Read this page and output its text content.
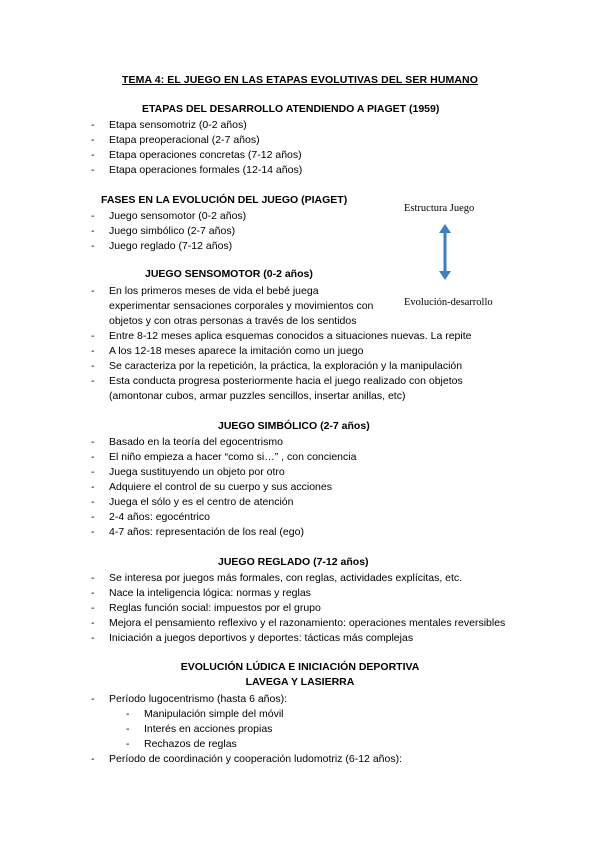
TEMA 4: EL JUEGO EN LAS ETAPAS EVOLUTIVAS DEL SER HUMANO
ETAPAS DEL DESARROLLO ATENDIENDO A PIAGET (1959)
- Etapa sensomotriz (0-2 años)
- Etapa preoperacional (2-7 años)
- Etapa operaciones concretas (7-12 años)
- Etapa operaciones formales (12-14 años)
FASES EN LA EVOLUCIÓN DEL JUEGO (PIAGET)
- Juego sensomotor (0-2 años)
- Juego simbólico (2-7 años)
- Juego reglado (7-12 años)
Estructura Juego
Evolución-desarrollo
JUEGO SENSOMOTOR (0-2 años)
- En los primeros meses de vida el bebé juega
experimentar sensaciones corporales y movimientos con
objetos y con otras personas a través de los sentidos
- Entre 8-12 meses aplica esquemas conocidos a situaciones nuevas. La repite
- A los 12-18 meses aparece la imitación como un juego
- Se caracteriza por la repetición, la práctica, la exploración y la manipulación
- Esta conducta progresa posteriormente hacia el juego realizado con objetos
(amontonar cubos, armar puzzles sencillos, insertar anillas, etc)
JUEGO SIMBÓLICO (2-7 años)
- Basado en la teoría del egocentrismo
- El niño empieza a hacer “como si…” , con conciencia
- Juega sustituyendo un objeto por otro
- Adquiere el control de su cuerpo y sus acciones
- Juega el sólo y es el centro de atención
- 2-4 años: egocéntrico
- 4-7 años: representación de los real (ego)
JUEGO REGLADO (7-12 años)
- Se interesa por juegos más formales, con reglas, actividades explícitas, etc.
- Nace la inteligencia lógica: normas y reglas
- Reglas función social: impuestos por el grupo
- Mejora el pensamiento reflexivo y el razonamiento: operaciones mentales reversibles
- Iniciación a juegos deportivos y deportes: tácticas más complejas
EVOLUCIÓN LÚDICA E INICIACIÓN DEPORTIVA
LAVEGA Y LASIERRA
- Período lugocentrismo (hasta 6 años):
- Manipulación simple del móvil
- Interés en acciones propias
- Rechazos de reglas
- Período de coordinación y cooperación ludomotriz (6-12 años):
